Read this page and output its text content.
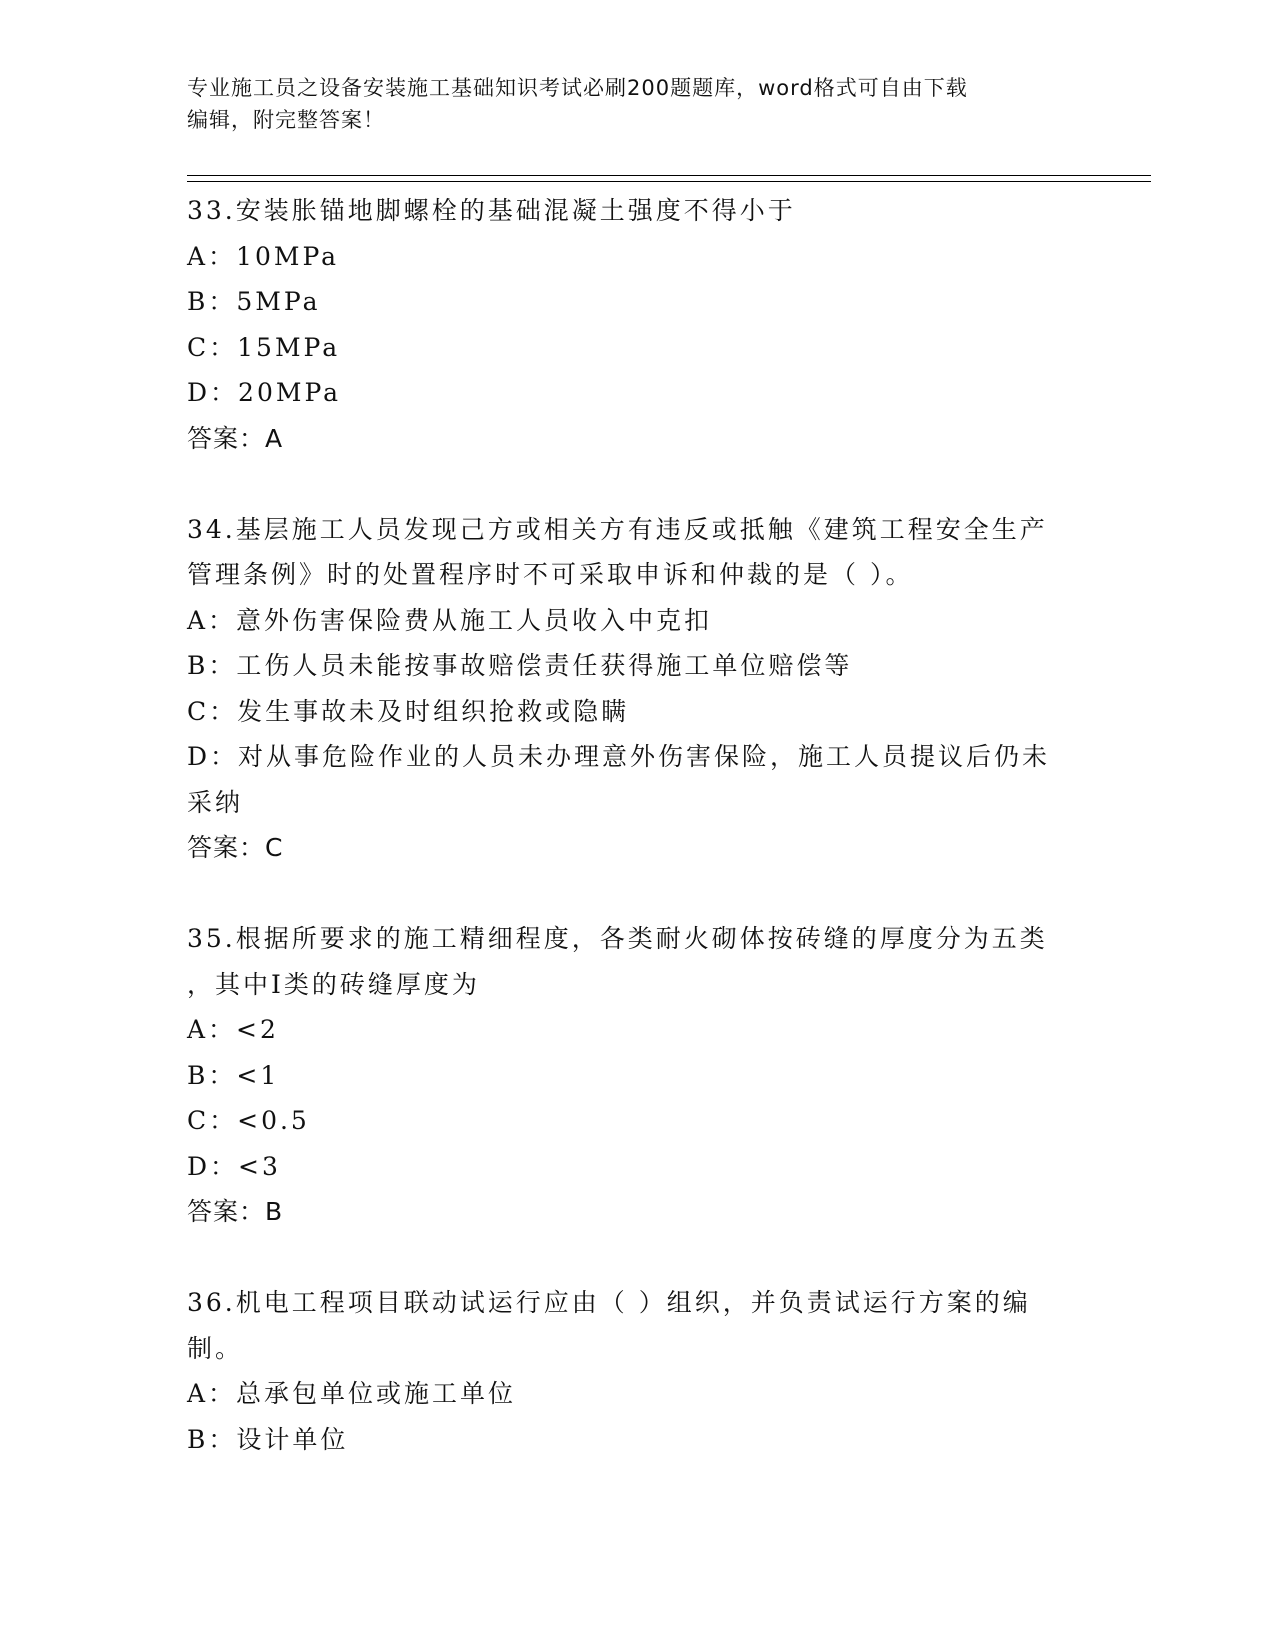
专业施工员之设备安装施工基础知识考试必刷200题题库，word格式可自由下载
编辑，附完整答案！
33.安装胀锚地脚螺栓的基础混凝土强度不得小于
A：10MPa
B：5MPa
C：15MPa
D：20MPa
答案：A
34.基层施工人员发现己方或相关方有违反或抵触《建筑工程安全生产
管理条例》时的处置程序时不可采取申诉和仲裁的是（ ）。
A：意外伤害保险费从施工人员收入中克扣
B：工伤人员未能按事故赔偿责任获得施工单位赔偿等
C：发生事故未及时组织抢救或隐瞒
D：对从事危险作业的人员未办理意外伤害保险，施工人员提议后仍未
采纳
答案：C
35.根据所要求的施工精细程度，各类耐火砌体按砖缝的厚度分为五类
，其中Ⅰ类的砖缝厚度为
A：<2
B：<1
C：<0.5
D：<3
答案：B
36.机电工程项目联动试运行应由（ ）组织，并负责试运行方案的编
制。
A：总承包单位或施工单位
B：设计单位
